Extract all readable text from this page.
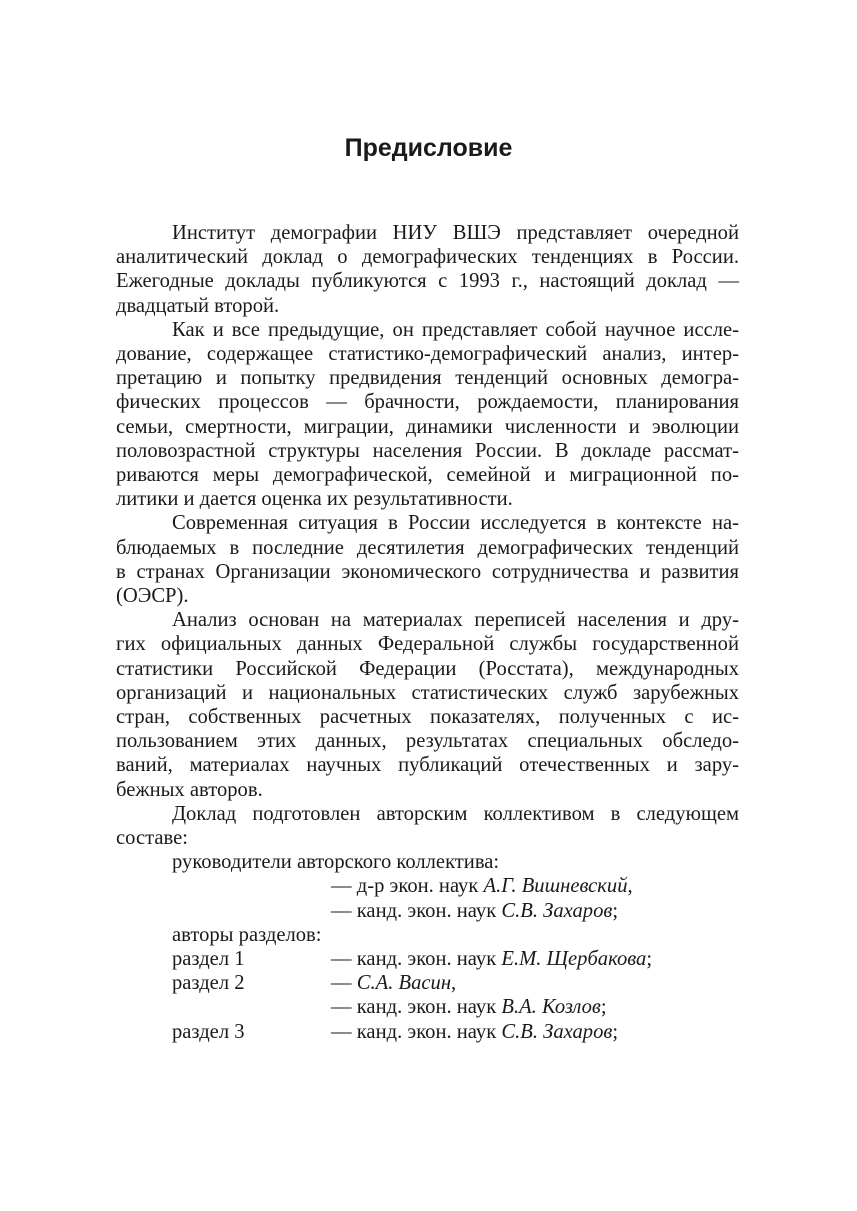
Предисловие
Институт демографии НИУ ВШЭ представляет очередной
аналитический доклад о демографических тенденциях в России.
Ежегодные доклады публикуются с 1993 г., настоящий доклад —
двадцатый второй.
Как и все предыдущие, он представляет собой научное иссле-
дование, содержащее статистико-демографический анализ, интер-
претацию и попытку предвидения тенденций основных демогра-
фических процессов — брачности, рождаемости, планирования
семьи, смертности, миграции, динамики численности и эволюции
половозрастной структуры населения России. В докладе рассмат-
риваются меры демографической, семейной и миграционной по-
литики и дается оценка их результативности.
Современная ситуация в России исследуется в контексте на-
блюдаемых в последние десятилетия демографических тенденций
в странах Организации экономического сотрудничества и развития
(ОЭСР).
Анализ основан на материалах переписей населения и дру-
гих официальных данных Федеральной службы государственной
статистики Российской Федерации (Росстата), международных
организаций и национальных статистических служб зарубежных
стран, собственных расчетных показателях, полученных с ис-
пользованием этих данных, результатах специальных обследо-
ваний, материалах научных публикаций отечественных и зару-
бежных авторов.
Доклад подготовлен авторским коллективом в следующем
составе:
руководители авторского коллектива:
— д-р экон. наук А.Г. Вишневский,
— канд. экон. наук С.В. Захаров;
авторы разделов:
раздел 1	— канд. экон. наук Е.М. Щербакова;
раздел 2	— С.А. Васин,
— канд. экон. наук В.А. Козлов;
раздел 3	— канд. экон. наук С.В. Захаров;
